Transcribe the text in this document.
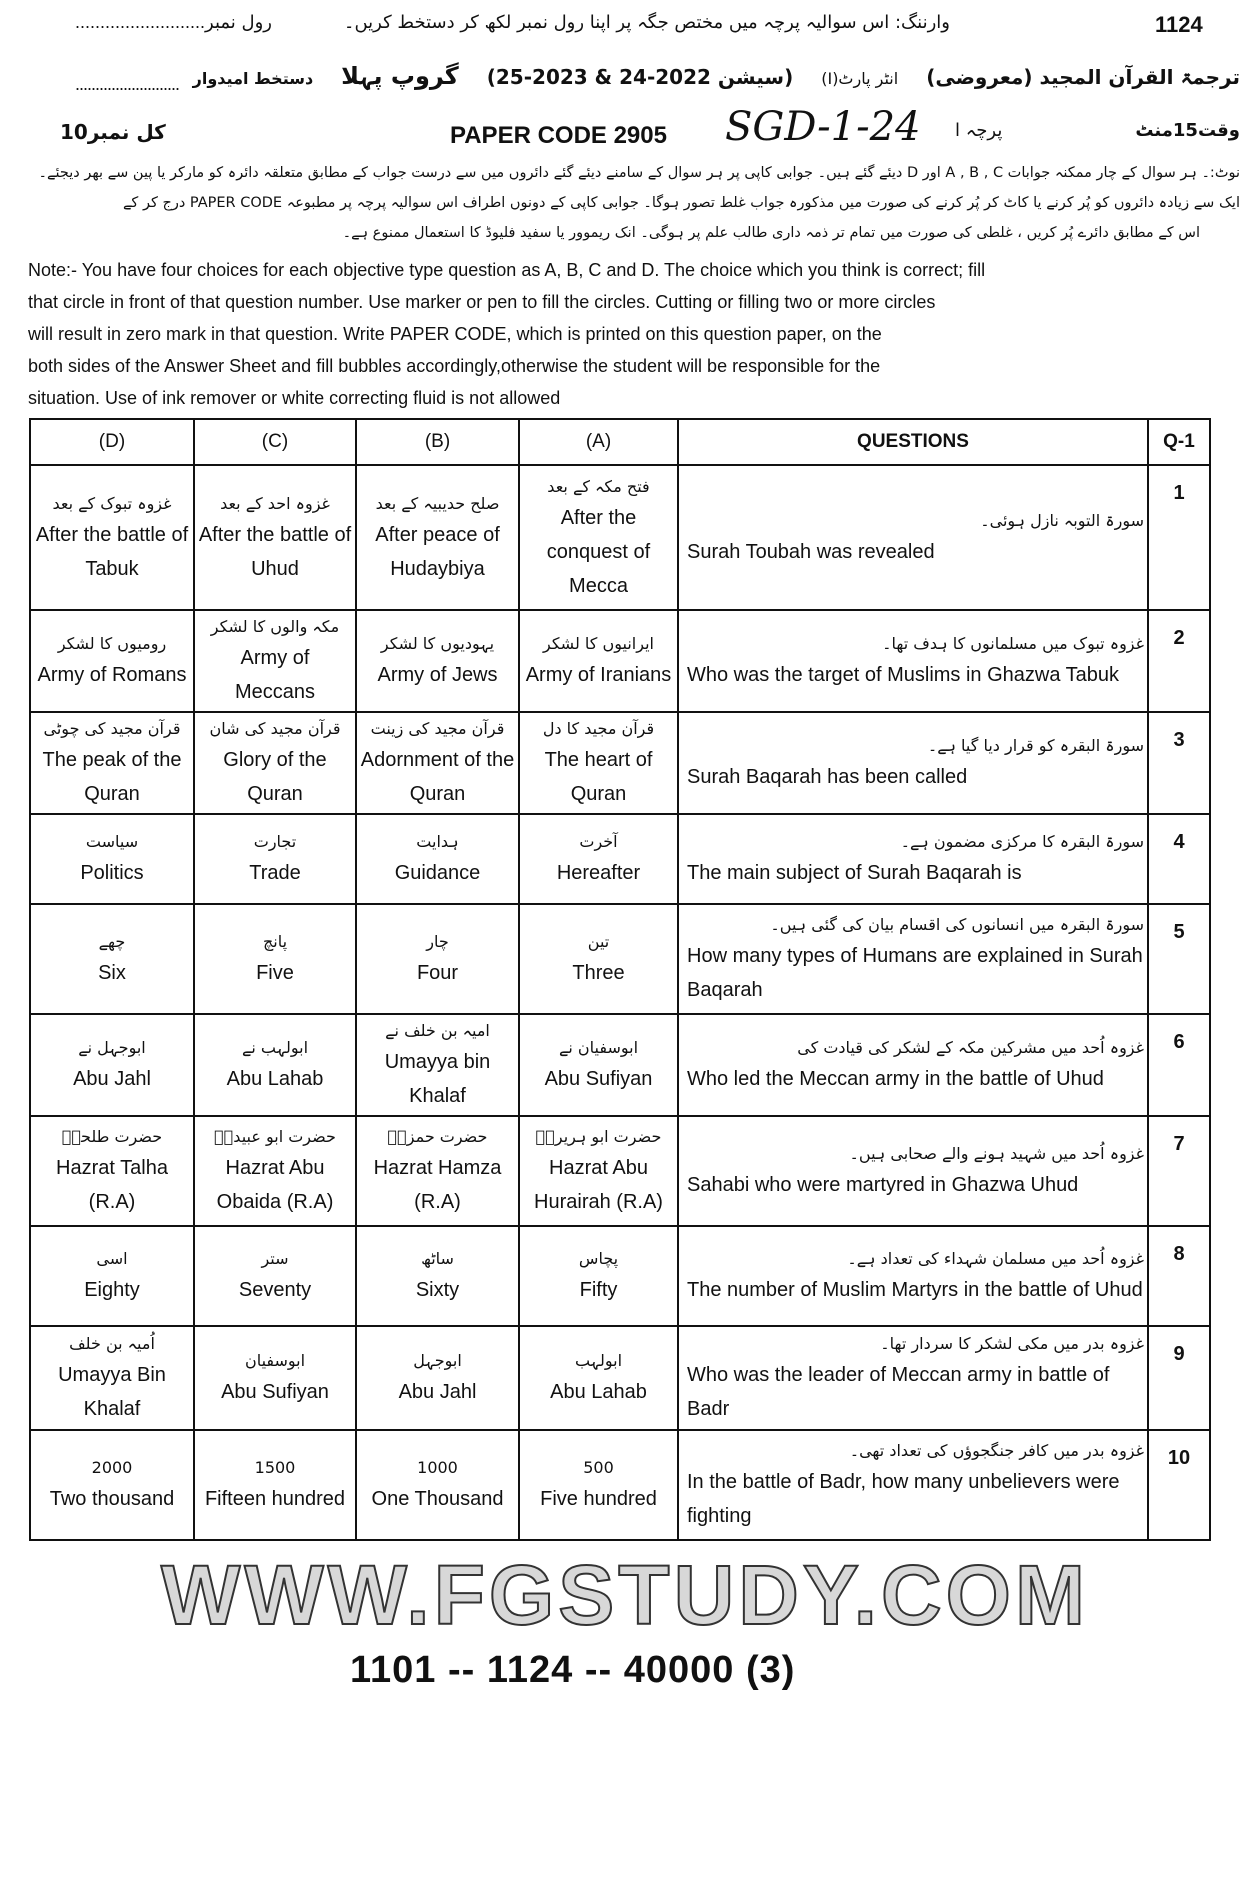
1124
وارننگ: اس سوالیہ پرچہ میں مختص جگہ پر اپنا رول نمبر لکھ کر دستخط کریں۔
..........................رول نمبر
ترجمۃ القرآن المجید (معروضی)
انٹر پارٹ(I)
(سیشن 2022-24 & 2023-25)
گروپ پہلا
دستخط امیدوار
..........................
وقت15منٹ
پرچہ ا
PAPER CODE 2905 SGD-1-24
کل نمبر10
نوٹ:۔ ہر سوال کے چار ممکنہ جوابات A , B , C اور D دیئے گئے ہیں۔ جوابی کاپی پر ہر سوال کے سامنے دیئے گئے دائروں میں سے درست جواب کے مطابق متعلقہ دائرہ کو مارکر یا پین سے بھر دیجئے۔
ایک سے زیادہ دائروں کو پُر کرنے یا کاٹ کر پُر کرنے کی صورت میں مذکورہ جواب غلط تصور ہوگا۔ جوابی کاپی کے دونوں اطراف اس سوالیہ پرچہ پر مطبوعہ PAPER CODE درج کر کے
اس کے مطابق دائرے پُر کریں ، غلطی کی صورت میں تمام تر ذمہ داری طالب علم پر ہوگی۔ انک ریموور یا سفید فلیوڈ کا استعمال ممنوع ہے۔
Note:- You have four choices for each objective type question as A, B, C and D. The choice which you think is correct; fill
that circle in front of that question number. Use marker or pen to fill the circles. Cutting or filling two or more circles
will result in zero mark in that question. Write PAPER CODE, which is printed on this question paper, on the
both sides of the Answer Sheet and fill bubbles accordingly,otherwise the student will be responsible for the
situation. Use of ink remover or white correcting fluid is not allowed
(D)	(C)	(B)	(A)	QUESTIONS	Q-1

غزوہ تبوک کے بعد
After the battle of Tabuk	غزوہ احد کے بعد
After the battle of Uhud	صلح حدیبیہ کے بعد
After peace of Hudaybiya	فتح مکہ کے بعد
After the conquest of Mecca	سورۃ التوبہ نازل ہوئی۔
Surah Toubah was revealed	1

رومیوں کا لشکر
Army of Romans	مکہ والوں کا لشکر
Army of Meccans	یہودیوں کا لشکر
Army of Jews	ایرانیوں کا لشکر
Army of Iranians	غزوہ تبوک میں مسلمانوں کا ہدف تھا۔
Who was the target of Muslims in Ghazwa Tabuk	2

قرآن مجید کی چوٹی
The peak of the Quran	قرآن مجید کی شان
Glory of the Quran	قرآن مجید کی زینت
Adornment of the Quran	قرآن مجید کا دل
The heart of Quran	سورۃ البقرہ کو قرار دیا گیا ہے۔
Surah Baqarah has been called	3

سیاست
Politics	تجارت
Trade	ہدایت
Guidance	آخرت
Hereafter	سورۃ البقرہ کا مرکزی مضمون ہے۔
The main subject of Surah Baqarah is	4

چھے
Six	پانچ
Five	چار
Four	تین
Three	سورۃ البقرہ میں انسانوں کی اقسام بیان کی گئی ہیں۔
How many types of Humans are explained in Surah Baqarah	5

ابوجہل نے
Abu Jahl	ابولہب نے
Abu Lahab	امیہ بن خلف نے
Umayya bin Khalaf	ابوسفیان نے
Abu Sufiyan	غزوہ اُحد میں مشرکین مکہ کے لشکر کی قیادت کی
Who led the Meccan army in the battle of Uhud	6

حضرت طلحہؓ
Hazrat Talha (R.A)	حضرت ابو عبیدہؓ
Hazrat Abu Obaida (R.A)	حضرت حمزہؓ
Hazrat Hamza (R.A)	حضرت ابو ہریرہؓ
Hazrat Abu Hurairah (R.A)	غزوہ اُحد میں شہید ہونے والے صحابی ہیں۔
Sahabi who were martyred in Ghazwa Uhud	7

اسی
Eighty	ستر
Seventy	ساٹھ
Sixty	پچاس
Fifty	غزوہ اُحد میں مسلمان شہداء کی تعداد ہے۔
The number of Muslim Martyrs in the battle of Uhud	8

اُمیہ بن خلف
Umayya Bin Khalaf	ابوسفیان
Abu Sufiyan	ابوجہل
Abu Jahl	ابولہب
Abu Lahab	غزوہ بدر میں مکی لشکر کا سردار تھا۔
Who was the leader of Meccan army in battle of Badr	9

2000
Two thousand	1500
Fifteen hundred	1000
One Thousand	500
Five hundred	غزوہ بدر میں کافر جنگجوؤں کی تعداد تھی۔
In the battle of Badr, how many unbelievers were fighting	10
WWW.FGSTUDY.COM
1101 -- 1124 -- 40000 (3)
